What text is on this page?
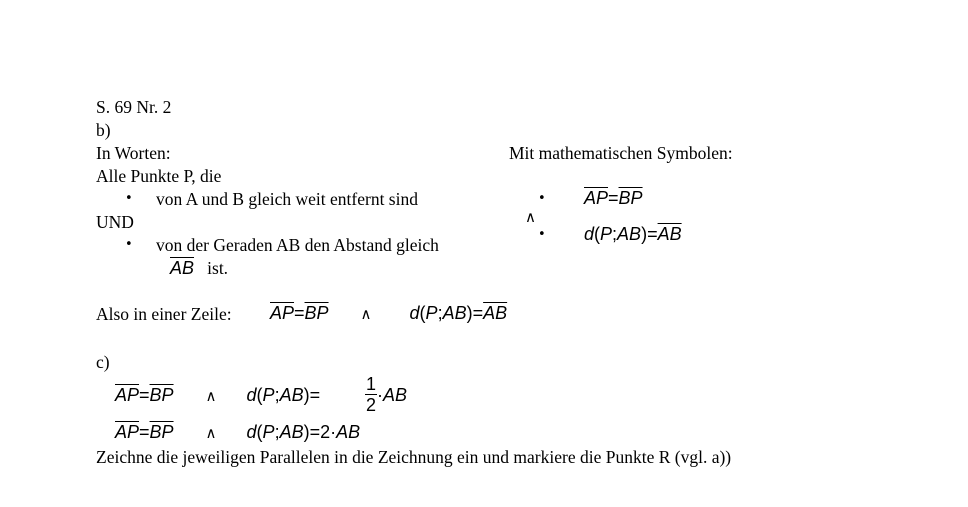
S. 69 Nr. 2
b)
In Worten:	Mit mathematischen Symbolen:
Alle Punkte P, die
• von A und B gleich weit entfernt sind
UND
• von der Geraden AB den Abstand gleich
$\overline{AB}$ ist.
• $\overline{AP}=\overline{BP}$
∧
• $d(P;AB)=\overline{AB}$
Also in einer Zeile: $\overline{AP}=\overline{BP}$ ∧ $d(P;AB)=\overline{AB}$
c)
$\overline{AP}=\overline{BP}$ ∧ d(P;AB)= $\frac{1}{2} \cdot AB$
$\overline{AP}=\overline{BP}$ ∧ d(P;AB)=2·AB
Zeichne die jeweiligen Parallelen in die Zeichnung ein und markiere die Punkte R (vgl. a))
